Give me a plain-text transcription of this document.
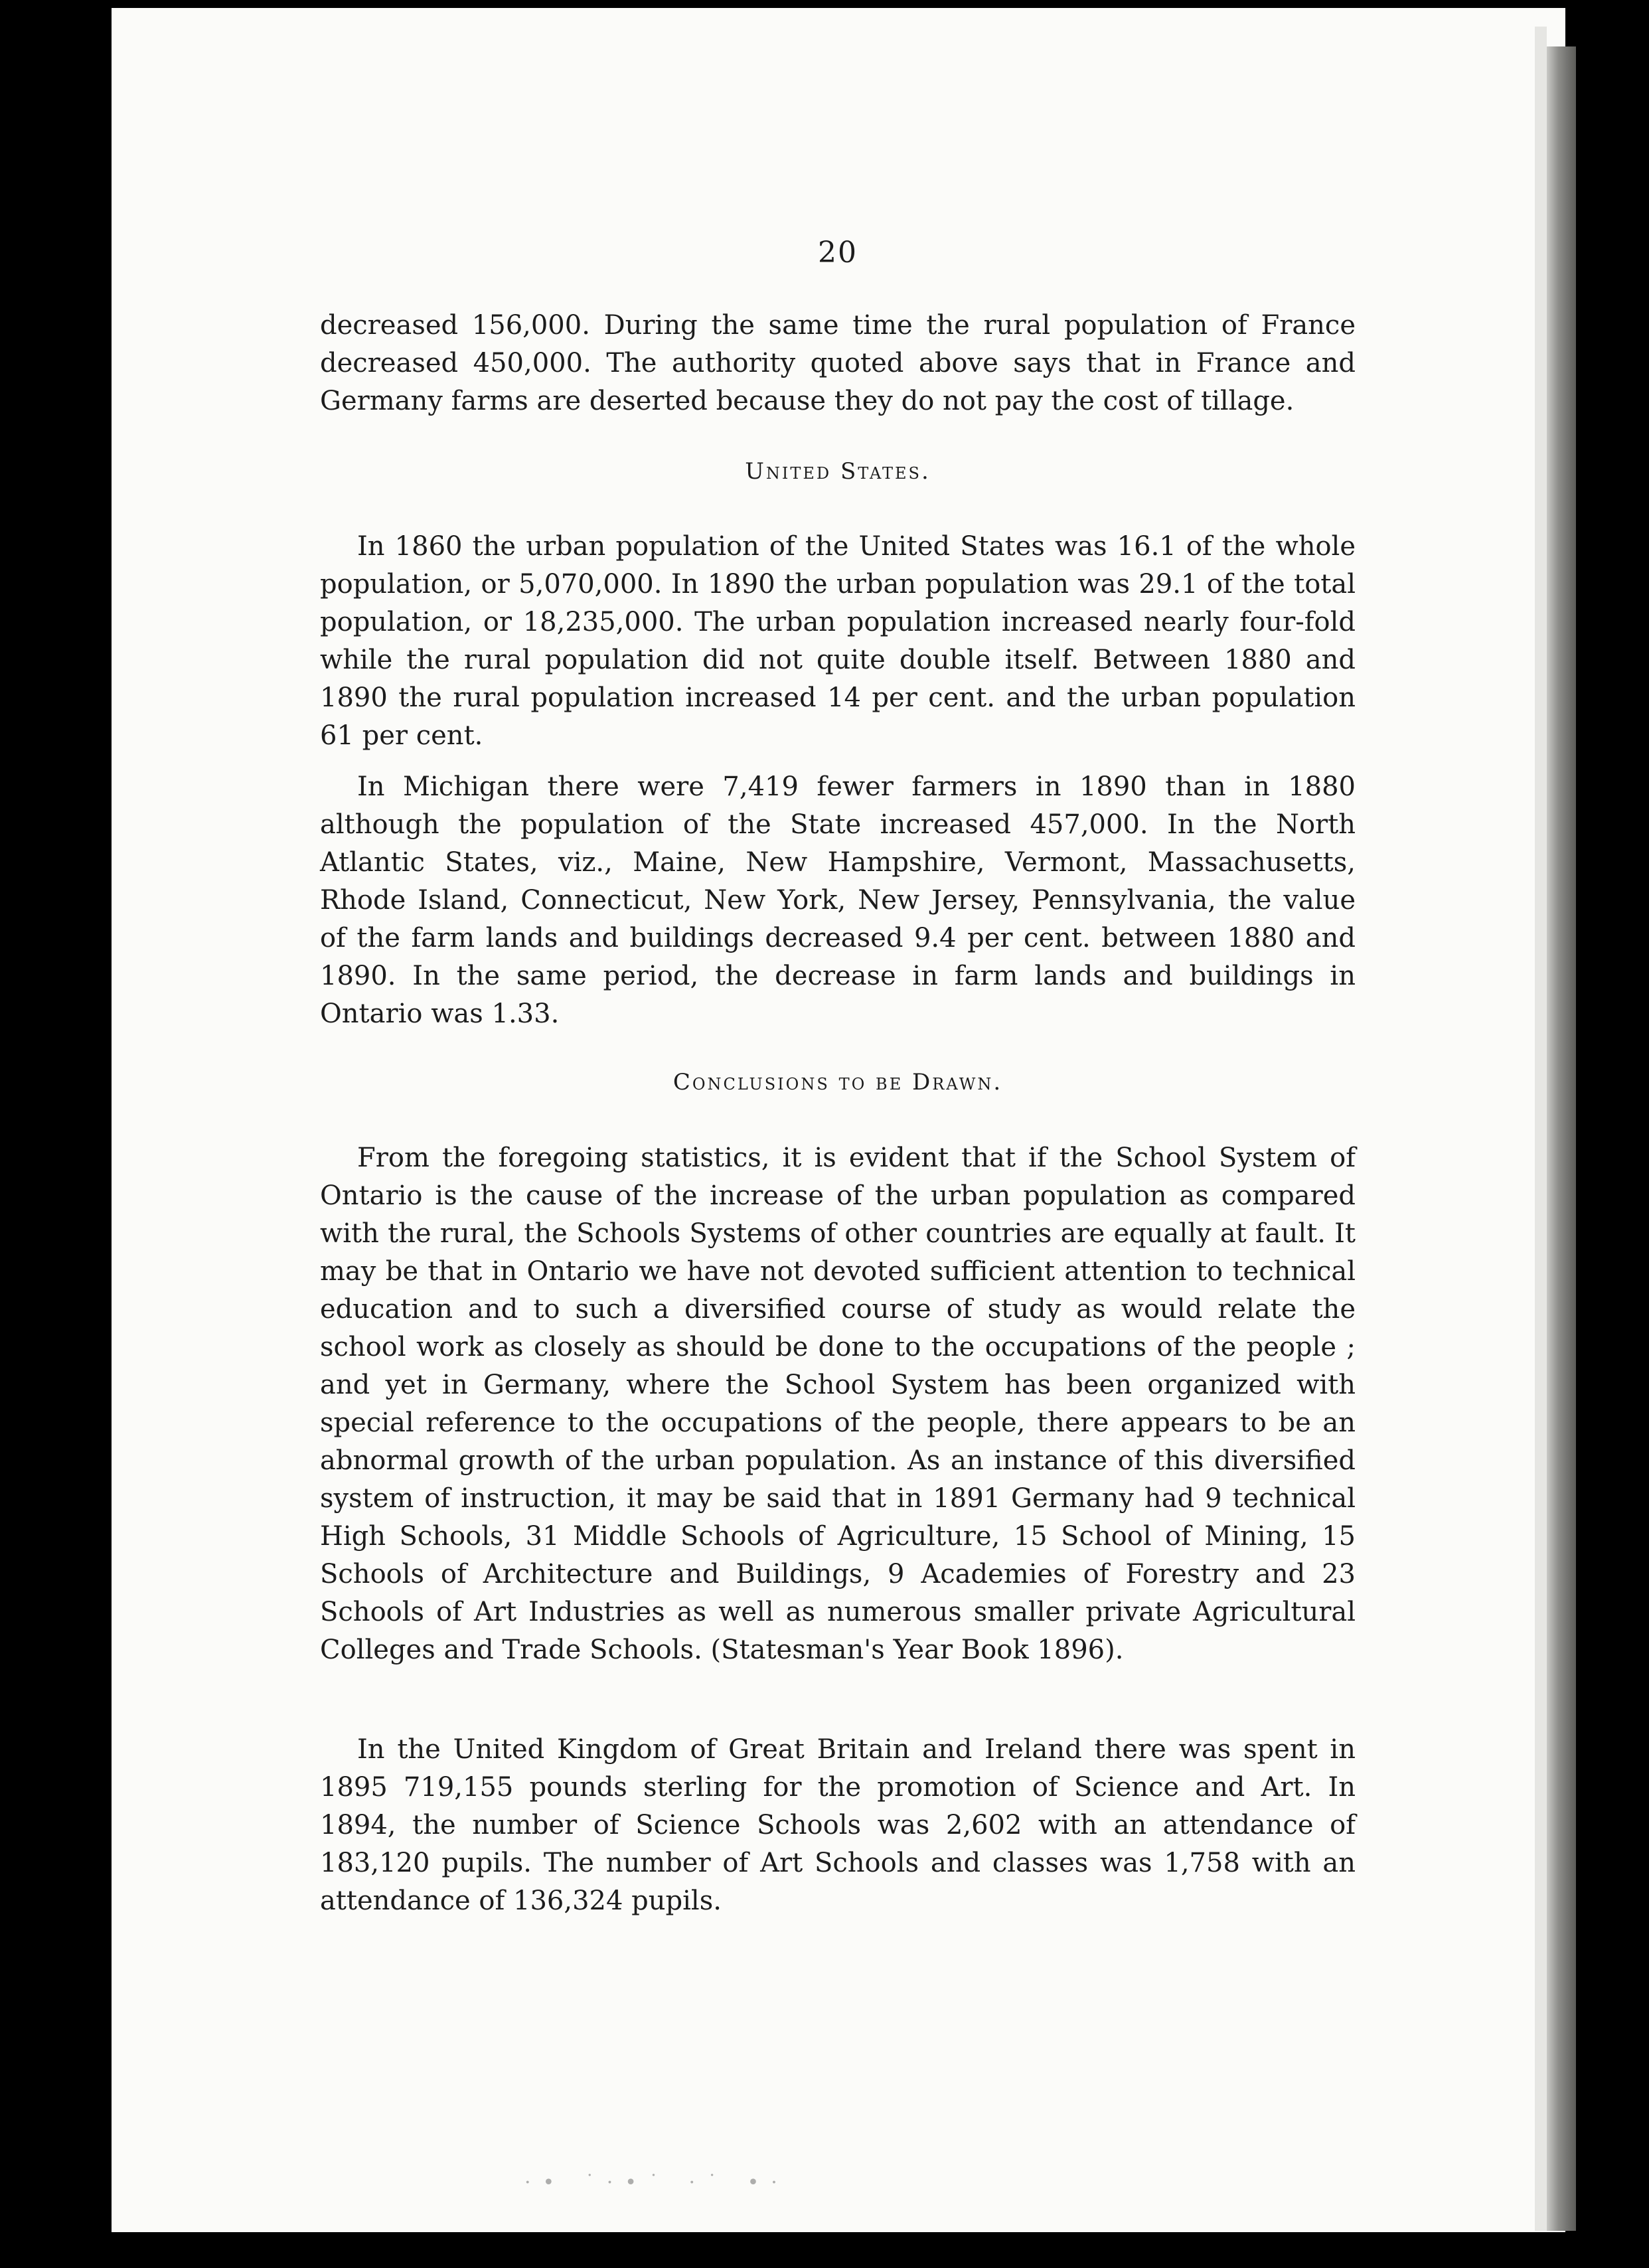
20

decreased 156,000. During the same time the rural population of France decreased 450,000. The authority quoted above says that in France and Germany farms are deserted because they do not pay the cost of tillage.

United States.

In 1860 the urban population of the United States was 16.1 of the whole population, or 5,070,000. In 1890 the urban population was 29.1 of the total population, or 18,235,000. The urban population increased nearly four-fold while the rural population did not quite double itself. Between 1880 and 1890 the rural population increased 14 per cent. and the urban population 61 per cent.

In Michigan there were 7,419 fewer farmers in 1890 than in 1880 although the population of the State increased 457,000. In the North Atlantic States, viz., Maine, New Hampshire, Vermont, Massachusetts, Rhode Island, Connecticut, New York, New Jersey, Pennsylvania, the value of the farm lands and buildings decreased 9.4 per cent. between 1880 and 1890. In the same period, the decrease in farm lands and buildings in Ontario was 1.33.

Conclusions to be Drawn.

From the foregoing statistics, it is evident that if the School System of Ontario is the cause of the increase of the urban population as compared with the rural, the Schools Systems of other countries are equally at fault. It may be that in Ontario we have not devoted sufficient attention to technical education and to such a diversified course of study as would relate the school work as closely as should be done to the occupations of the people ; and yet in Germany, where the School System has been organized with special reference to the occupations of the people, there appears to be an abnormal growth of the urban population. As an instance of this diversified system of instruction, it may be said that in 1891 Germany had 9 technical High Schools, 31 Middle Schools of Agriculture, 15 School of Mining, 15 Schools of Architecture and Buildings, 9 Academies of Forestry and 23 Schools of Art Industries as well as numerous smaller private Agricultural Colleges and Trade Schools. (Statesman's Year Book 1896).

In the United Kingdom of Great Britain and Ireland there was spent in 1895 719,155 pounds sterling for the promotion of Science and Art. In 1894, the number of Science Schools was 2,602 with an attendance of 183,120 pupils. The number of Art Schools and classes was 1,758 with an attendance of 136,324 pupils.

·• ˙·•˙ ·˙ •·
